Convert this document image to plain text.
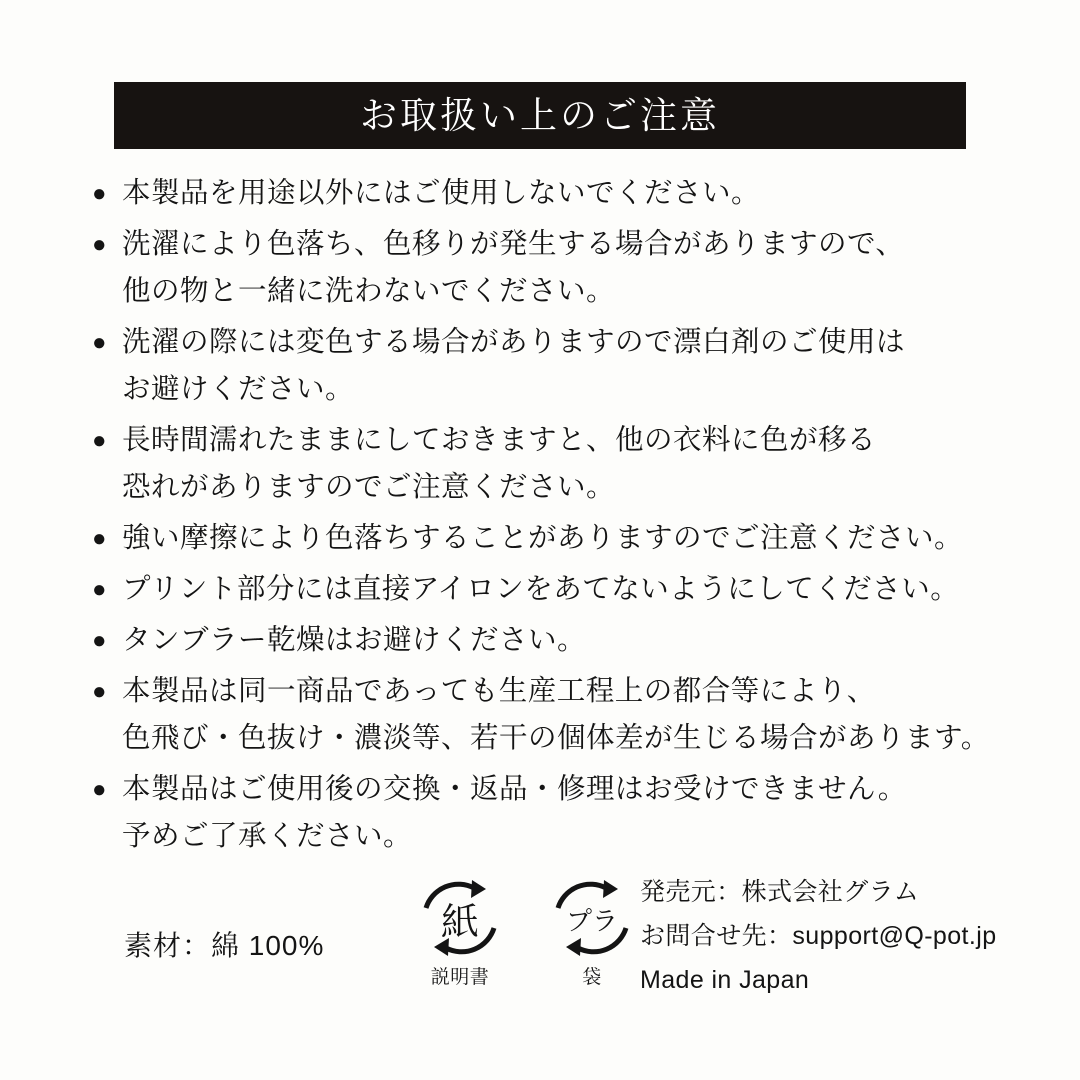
お取扱い上のご注意
● 本製品を用途以外にはご使用しないでください。
● 洗濯により色落ち、色移りが発生する場合がありますので、
他の物と一緒に洗わないでください。
● 洗濯の際には変色する場合がありますので漂白剤のご使用は
お避けください。
● 長時間濡れたままにしておきますと、他の衣料に色が移る
恐れがありますのでご注意ください。
● 強い摩擦により色落ちすることがありますのでご注意ください。
● プリント部分には直接アイロンをあてないようにしてください。
● タンブラー乾燥はお避けください。
● 本製品は同一商品であっても生産工程上の都合等により、
色飛び・色抜け・濃淡等、若干の個体差が生じる場合があります。
● 本製品はご使用後の交換・返品・修理はお受けできません。
予めご了承ください。
素材：綿 100%
紙
説明書
プラ
袋
発売元：株式会社グラム
お問合せ先：support@Q-pot.jp
Made in Japan
